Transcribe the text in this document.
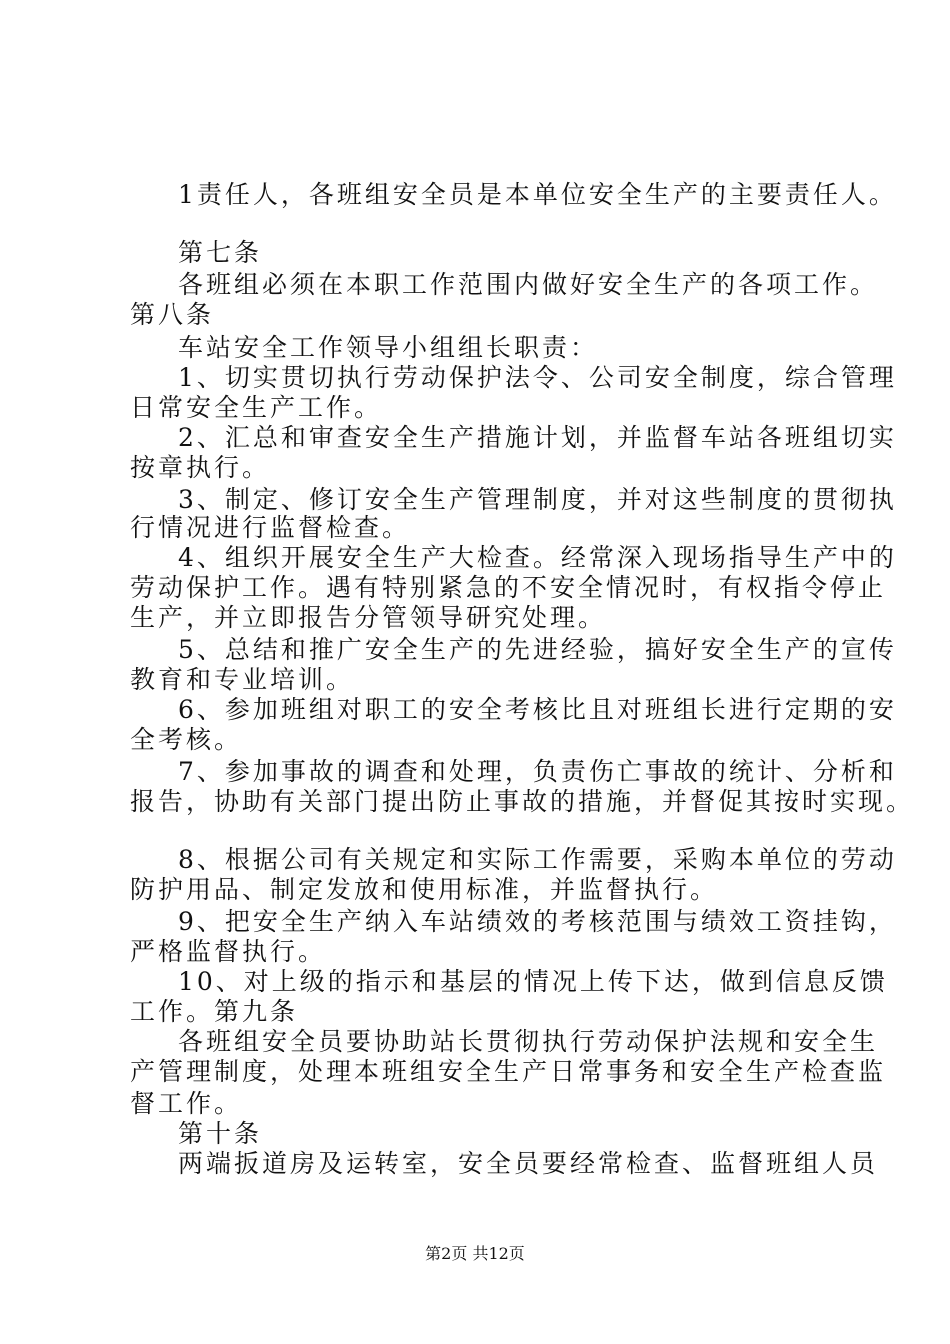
1责任人，各班组安全员是本单位安全生产的主要责任人。
第七条
各班组必须在本职工作范围内做好安全生产的各项工作。
第八条
车站安全工作领导小组组长职责：
1、切实贯切执行劳动保护法令、公司安全制度，综合管理
日常安全生产工作。
2、汇总和审查安全生产措施计划，并监督车站各班组切实
按章执行。
3、制定、修订安全生产管理制度，并对这些制度的贯彻执
行情况进行监督检查。
4、组织开展安全生产大检查。经常深入现场指导生产中的
劳动保护工作。遇有特别紧急的不安全情况时，有权指令停止
生产，并立即报告分管领导研究处理。
5、总结和推广安全生产的先进经验，搞好安全生产的宣传
教育和专业培训。
6、参加班组对职工的安全考核比且对班组长进行定期的安
全考核。
7、参加事故的调查和处理，负责伤亡事故的统计、分析和
报告，协助有关部门提出防止事故的措施，并督促其按时实现。
8、根据公司有关规定和实际工作需要，采购本单位的劳动
防护用品、制定发放和使用标准，并监督执行。
9、把安全生产纳入车站绩效的考核范围与绩效工资挂钩，
严格监督执行。
10、对上级的指示和基层的情况上传下达，做到信息反馈
工作。第九条
各班组安全员要协助站长贯彻执行劳动保护法规和安全生
产管理制度，处理本班组安全生产日常事务和安全生产检查监
督工作。
第十条
两端扳道房及运转室，安全员要经常检查、监督班组人员
第2页 共12页
